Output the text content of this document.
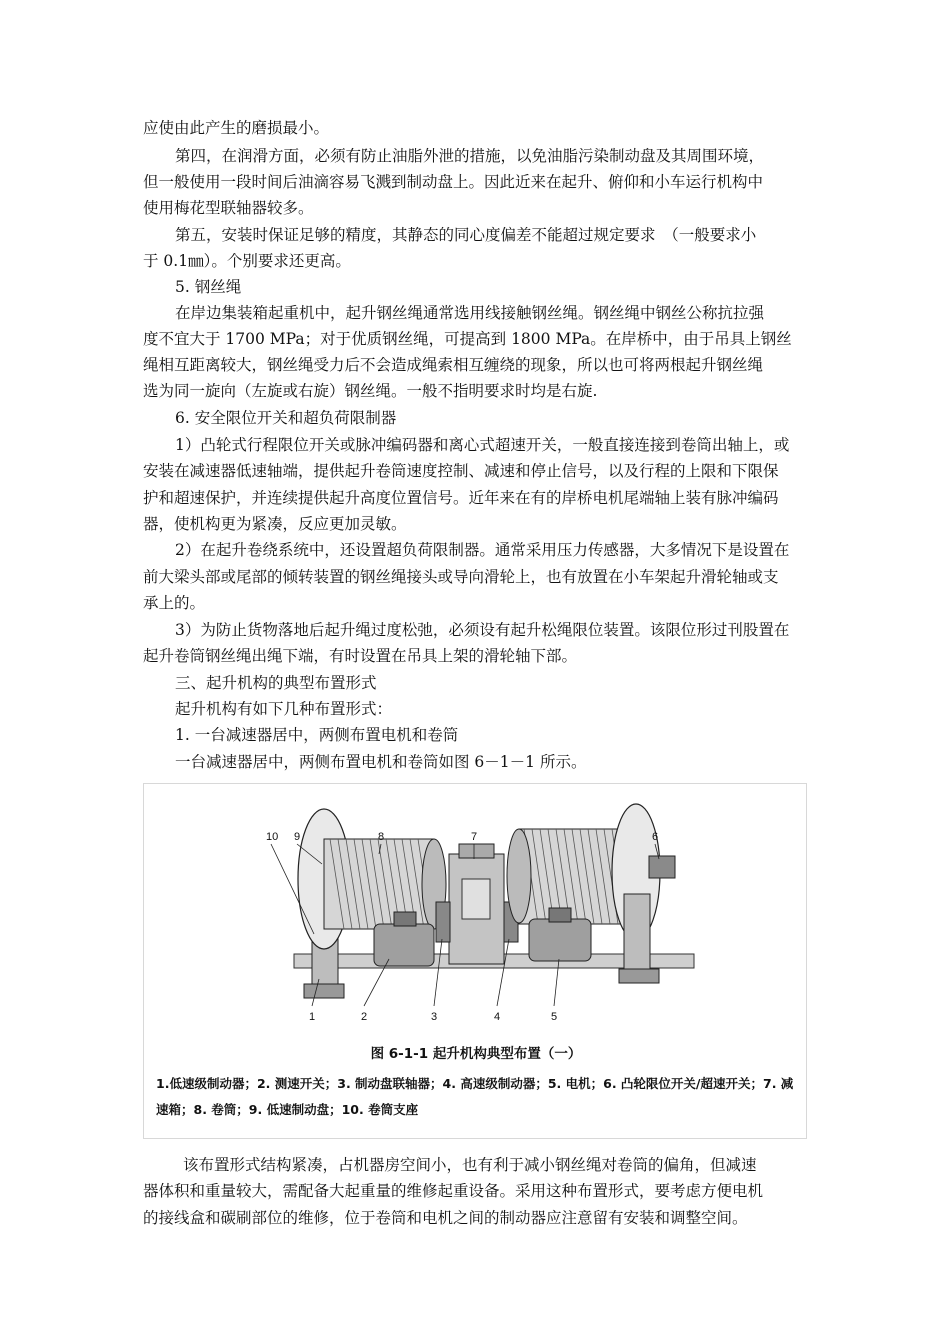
应使由此产生的磨损最小。
第四，在润滑方面，必须有防止油脂外泄的措施，以免油脂污染制动盘及其周围环境，
但一般使用一段时间后油滴容易飞溅到制动盘上。因此近来在起升、俯仰和小车运行机构中
使用梅花型联轴器较多。
第五，安装时保证足够的精度，其静态的同心度偏差不能超过规定要求　（一般要求小
于 0.1㎜）。个别要求还更高。
5. 钢丝绳
在岸边集装箱起重机中，起升钢丝绳通常选用线接触钢丝绳。钢丝绳中钢丝公称抗拉强
度不宜大于 1700 MPa；对于优质钢丝绳，可提高到 1800 MPa。在岸桥中，由于吊具上钢丝
绳相互距离较大，钢丝绳受力后不会造成绳索相互缠绕的现象，所以也可将两根起升钢丝绳
选为同一旋向（左旋或右旋）钢丝绳。一般不指明要求时均是右旋.
6. 安全限位开关和超负荷限制器
1）凸轮式行程限位开关或脉冲编码器和离心式超速开关，一般直接连接到卷筒出轴上，或
安装在减速器低速轴端，提供起升卷筒速度控制、减速和停止信号，以及行程的上限和下限保
护和超速保护，并连续提供起升高度位置信号。近年来在有的岸桥电机尾端轴上装有脉冲编码
器，使机构更为紧凑，反应更加灵敏。
2）在起升卷绕系统中，还设置超负荷限制器。通常采用压力传感器，大多情况下是设置在
前大梁头部或尾部的倾转装置的钢丝绳接头或导向滑轮上，也有放置在小车架起升滑轮轴或支
承上的。
3）为防止货物落地后起升绳过度松弛，必须设有起升松绳限位装置。该限位形过刊股置在
起升卷筒钢丝绳出绳下端，有时设置在吊具上架的滑轮轴下部。
三、起升机构的典型布置形式
起升机构有如下几种布置形式：
1. 一台减速器居中，两侧布置电机和卷筒
一台减速器居中，两侧布置电机和卷筒如图 6－1－1 所示。
10 9	8	7	6
1	2	3	4	5
图 6-1-1 起升机构典型布置（一）
1.低速级制动器；2. 测速开关；3. 制动盘联轴器；4. 高速级制动器；5. 电机；6. 凸轮限位开关/超速开关；7. 减
速箱；8. 卷筒；9. 低速制动盘；10. 卷筒支座
该布置形式结构紧凑，占机器房空间小，也有利于减小钢丝绳对卷筒的偏角，但减速
器体积和重量较大，需配备大起重量的维修起重设备。采用这种布置形式，要考虑方便电机
的接线盒和碳刷部位的维修，位于卷筒和电机之间的制动器应注意留有安装和调整空间。
